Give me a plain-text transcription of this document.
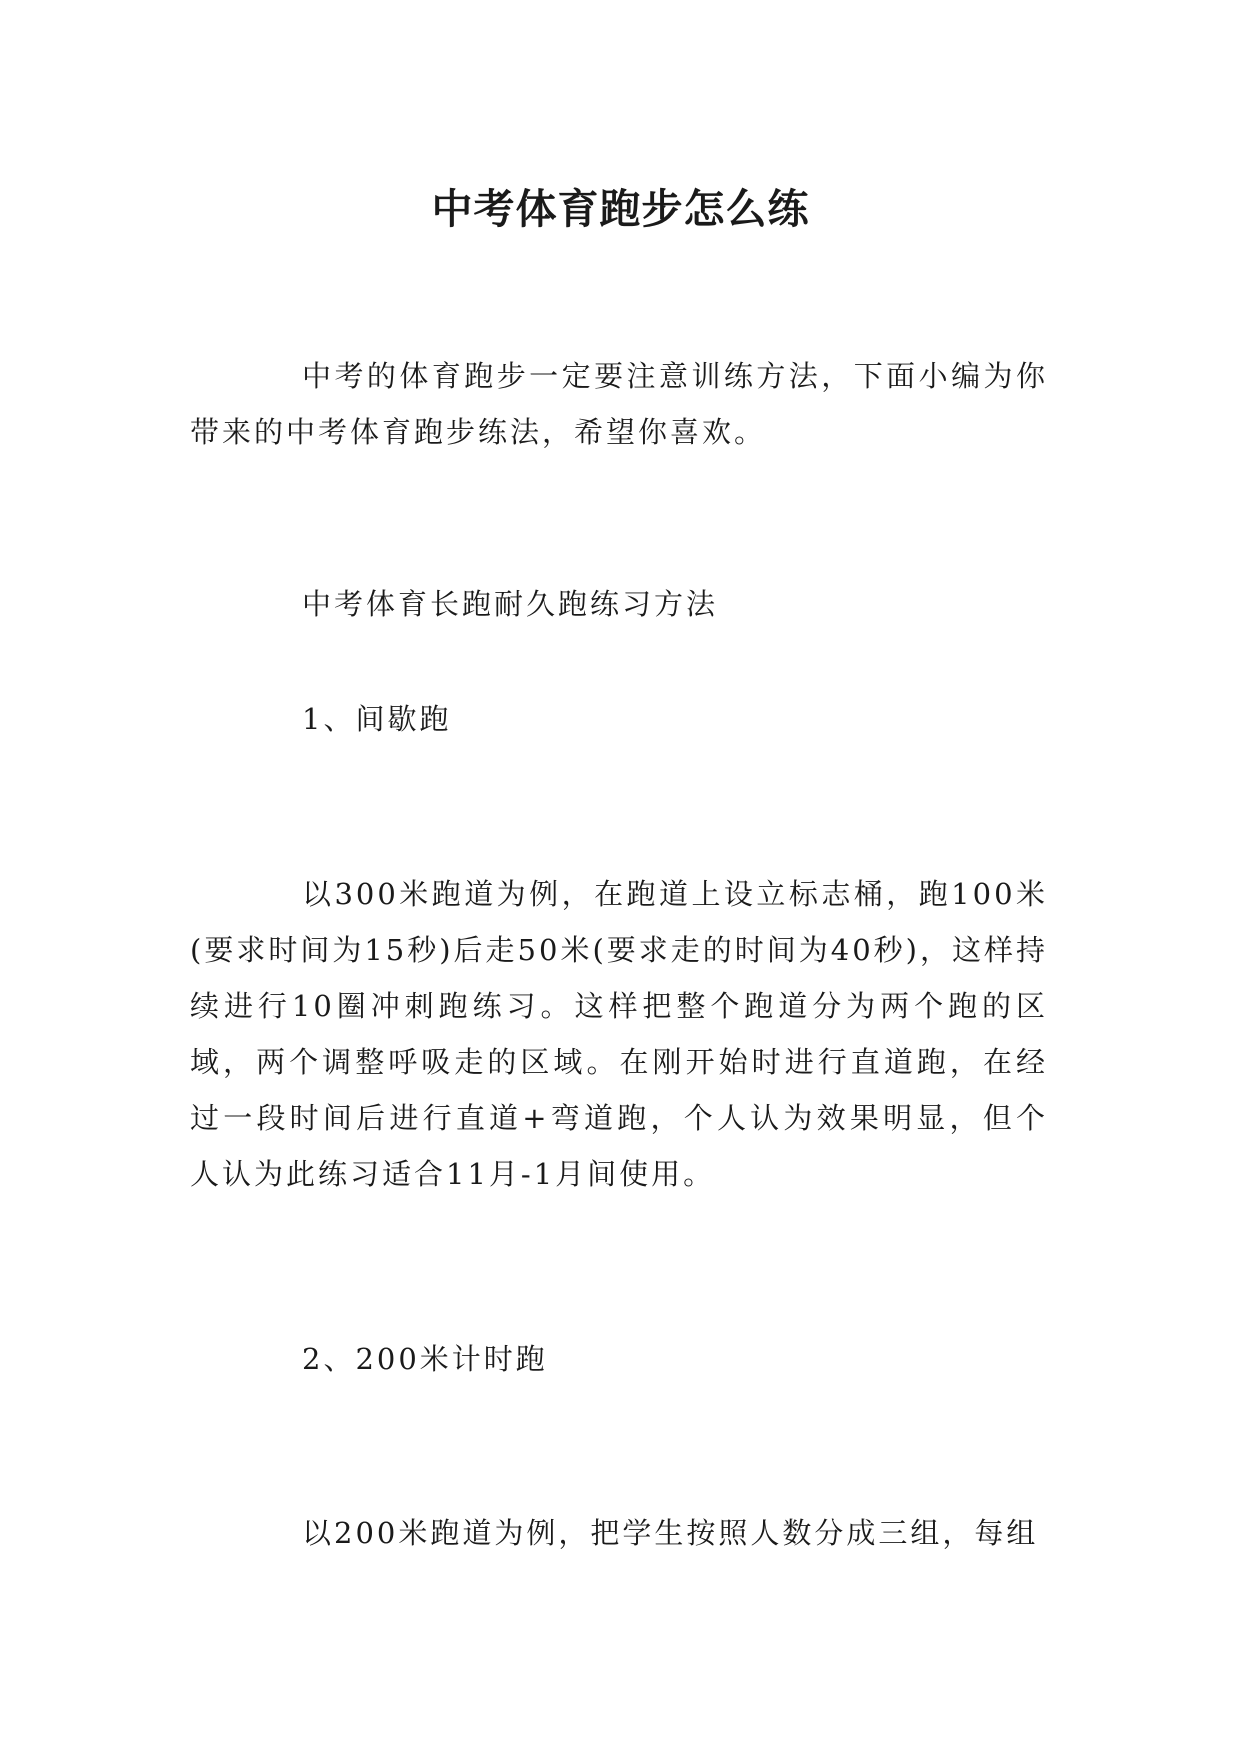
中考体育跑步怎么练

中考的体育跑步一定要注意训练方法，下面小编为你带来的中考体育跑步练法，希望你喜欢。

中考体育长跑耐久跑练习方法

1、间歇跑

以300米跑道为例，在跑道上设立标志桶，跑100米(要求时间为15秒)后走50米(要求走的时间为40秒)，这样持续进行10圈冲刺跑练习。这样把整个跑道分为两个跑的区域，两个调整呼吸走的区域。在刚开始时进行直道跑，在经过一段时间后进行直道+弯道跑，个人认为效果明显，但个人认为此练习适合11月-1月间使用。

2、200米计时跑

以200米跑道为例，把学生按照人数分成三组，每组
